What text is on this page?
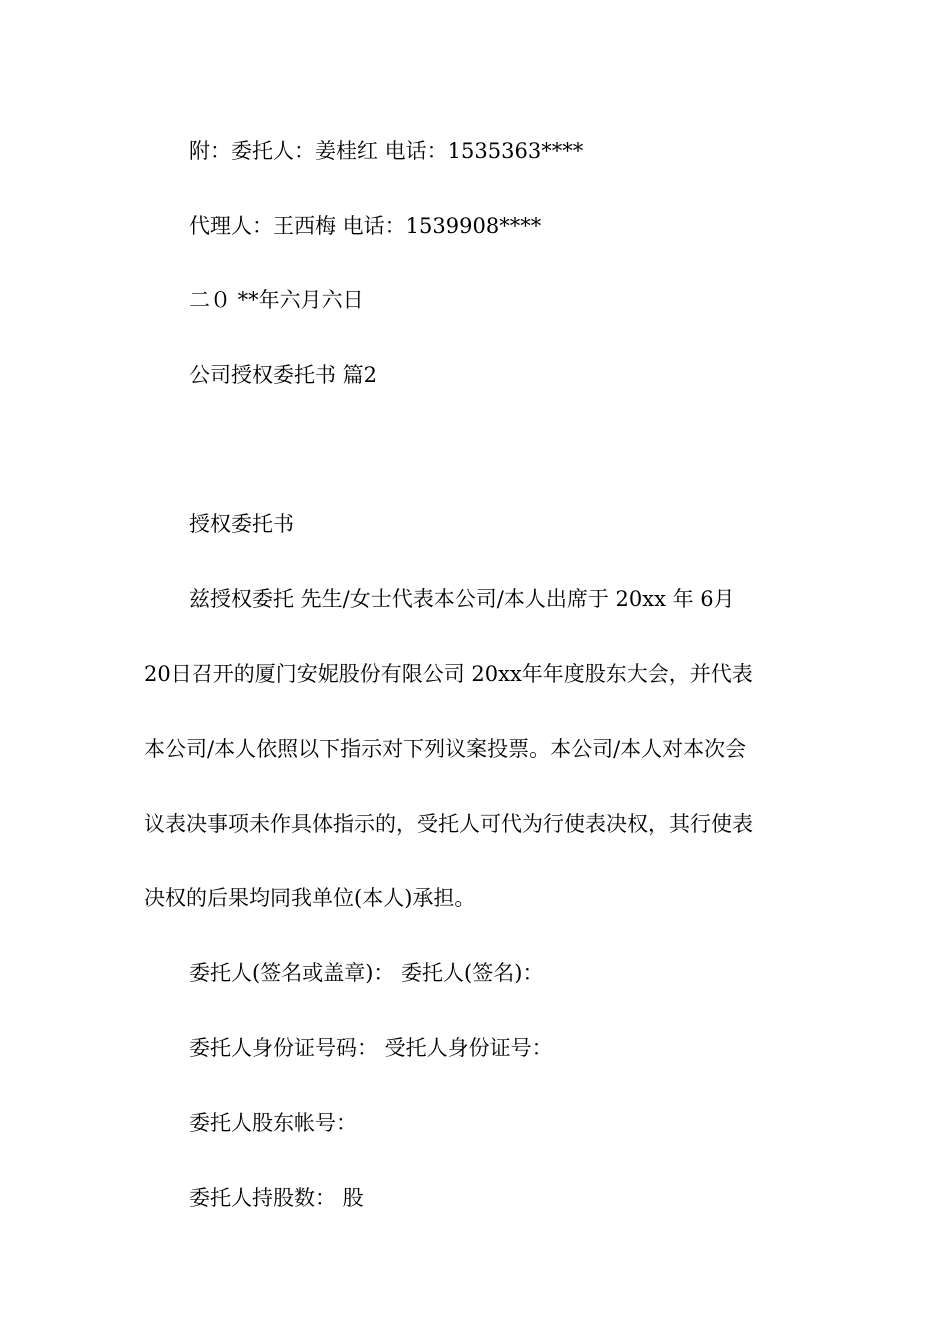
附：委托人：姜桂红 电话：1535363****
代理人：王西梅 电话：1539908****
二０ **年六月六日
公司授权委托书 篇2
授权委托书
兹授权委托 先生/女士代表本公司/本人出席于 20xx 年 6月
20日召开的厦门安妮股份有限公司 20xx年年度股东大会，并代表
本公司/本人依照以下指示对下列议案投票。本公司/本人对本次会
议表决事项未作具体指示的，受托人可代为行使表决权，其行使表
决权的后果均同我单位(本人)承担。
委托人(签名或盖章)： 委托人(签名)：
委托人身份证号码： 受托人身份证号：
委托人股东帐号：
委托人持股数： 股
